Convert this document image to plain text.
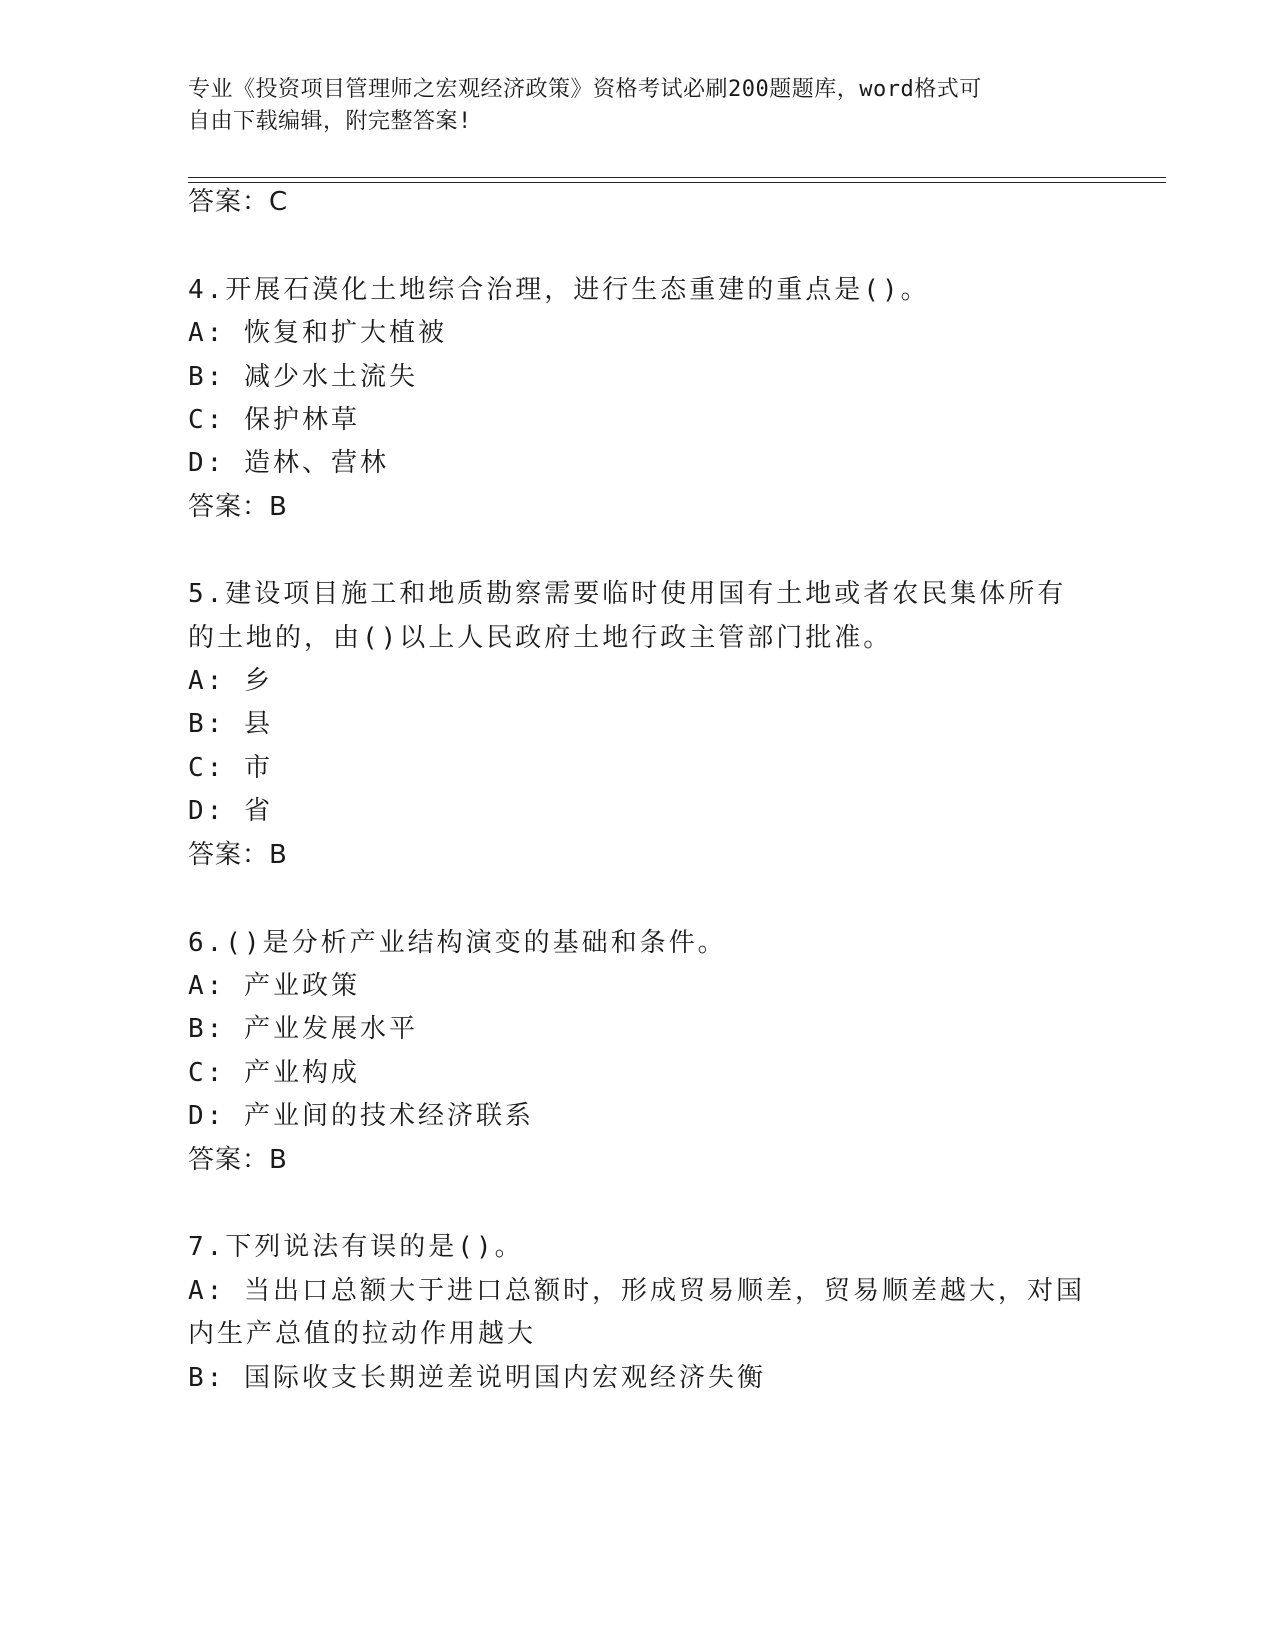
专业《投资项目管理师之宏观经济政策》资格考试必刷200题题库，word格式可
自由下载编辑，附完整答案!
答案：C
4.开展石漠化土地综合治理，进行生态重建的重点是()。
A: 恢复和扩大植被
B: 减少水土流失
C: 保护林草
D: 造林、营林
答案：B
5.建设项目施工和地质勘察需要临时使用国有土地或者农民集体所有
的土地的，由()以上人民政府土地行政主管部门批准。
A: 乡
B: 县
C: 市
D: 省
答案：B
6.()是分析产业结构演变的基础和条件。
A: 产业政策
B: 产业发展水平
C: 产业构成
D: 产业间的技术经济联系
答案：B
7.下列说法有误的是()。
A: 当出口总额大于进口总额时，形成贸易顺差，贸易顺差越大，对国
内生产总值的拉动作用越大
B: 国际收支长期逆差说明国内宏观经济失衡
